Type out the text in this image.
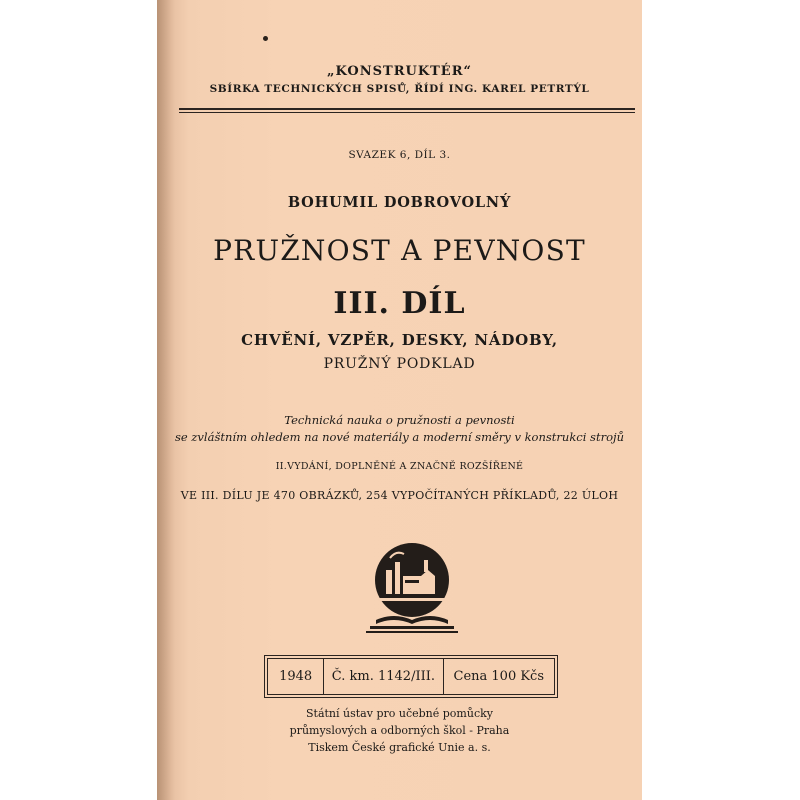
„KONSTRUKTÉR“
SBÍRKA TECHNICKÝCH SPISŮ, ŘÍDÍ ING. KAREL PETRTÝL
SVAZEK 6, DÍL 3.
BOHUMIL DOBROVOLNÝ
PRUŽNOST A PEVNOST
III. DÍL
CHVĚNÍ, VZPĚR, DESKY, NÁDOBY,
PRUŽNÝ PODKLAD
Technická nauka o pružnosti a pevnosti
se zvláštním ohledem na nové materiály a moderní směry v konstrukci strojů
II.VYDÁNÍ, DOPLNĚNÉ A ZNAČNĚ ROZŠÍŘENÉ
VE III. DÍLU JE 470 OBRÁZKŮ, 254 VYPOČÍTANÝCH PŘÍKLADŮ, 22 ÚLOH
1948	Č. km. 1142/III.	Cena 100 Kčs
Státní ústav pro učebné pomůcky
průmyslových a odborných škol - Praha
Tiskem České grafické Unie a. s.
